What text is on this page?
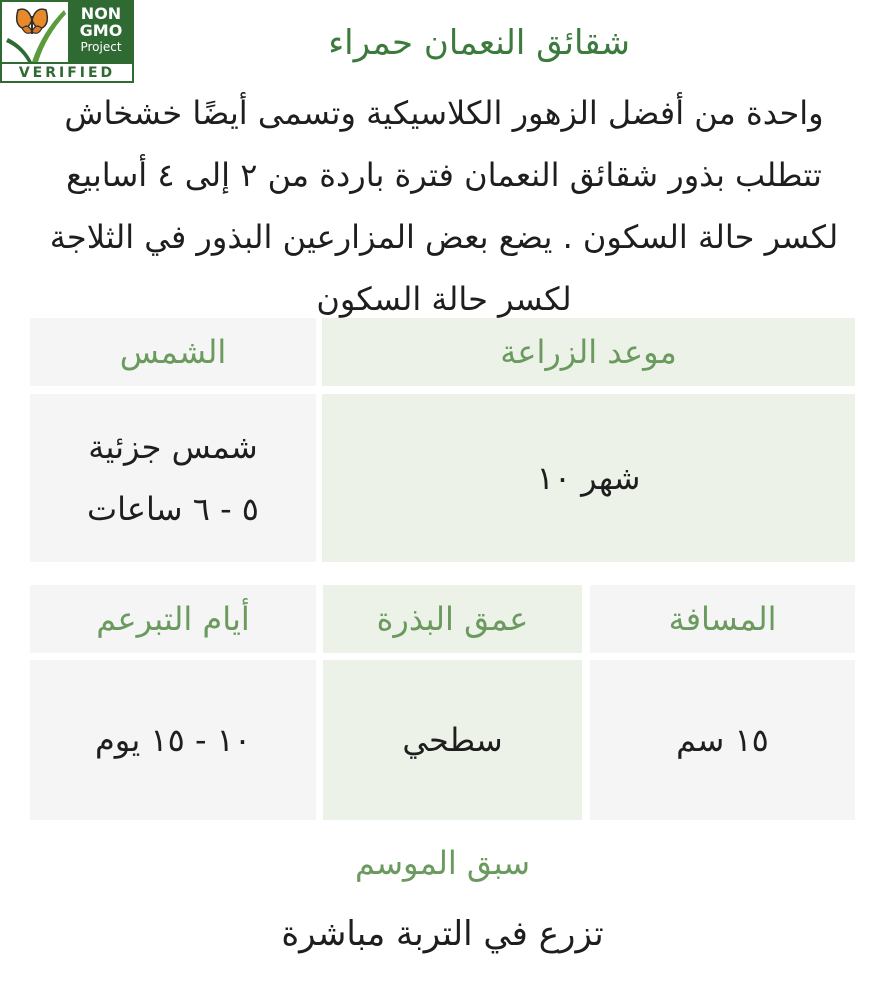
NON
GMO
Project
VERIFIED
شقائق النعمان حمراء
واحدة من أفضل الزهور الكلاسيكية وتسمى أيضًا خشخاش
تتطلب بذور شقائق النعمان فترة باردة من ٢ إلى ٤ أسابيع
لكسر حالة السكون . يضع بعض المزارعين البذور في الثلاجة
لكسر حالة السكون
موعد الزراعة
الشمس
شهر ١٠
شمس جزئية
٥ - ٦ ساعات
المسافة
عمق البذرة
أيام التبرعم
١٥ سم
سطحي
١٠ - ١٥ يوم
سبق الموسم
تزرع في التربة مباشرة
